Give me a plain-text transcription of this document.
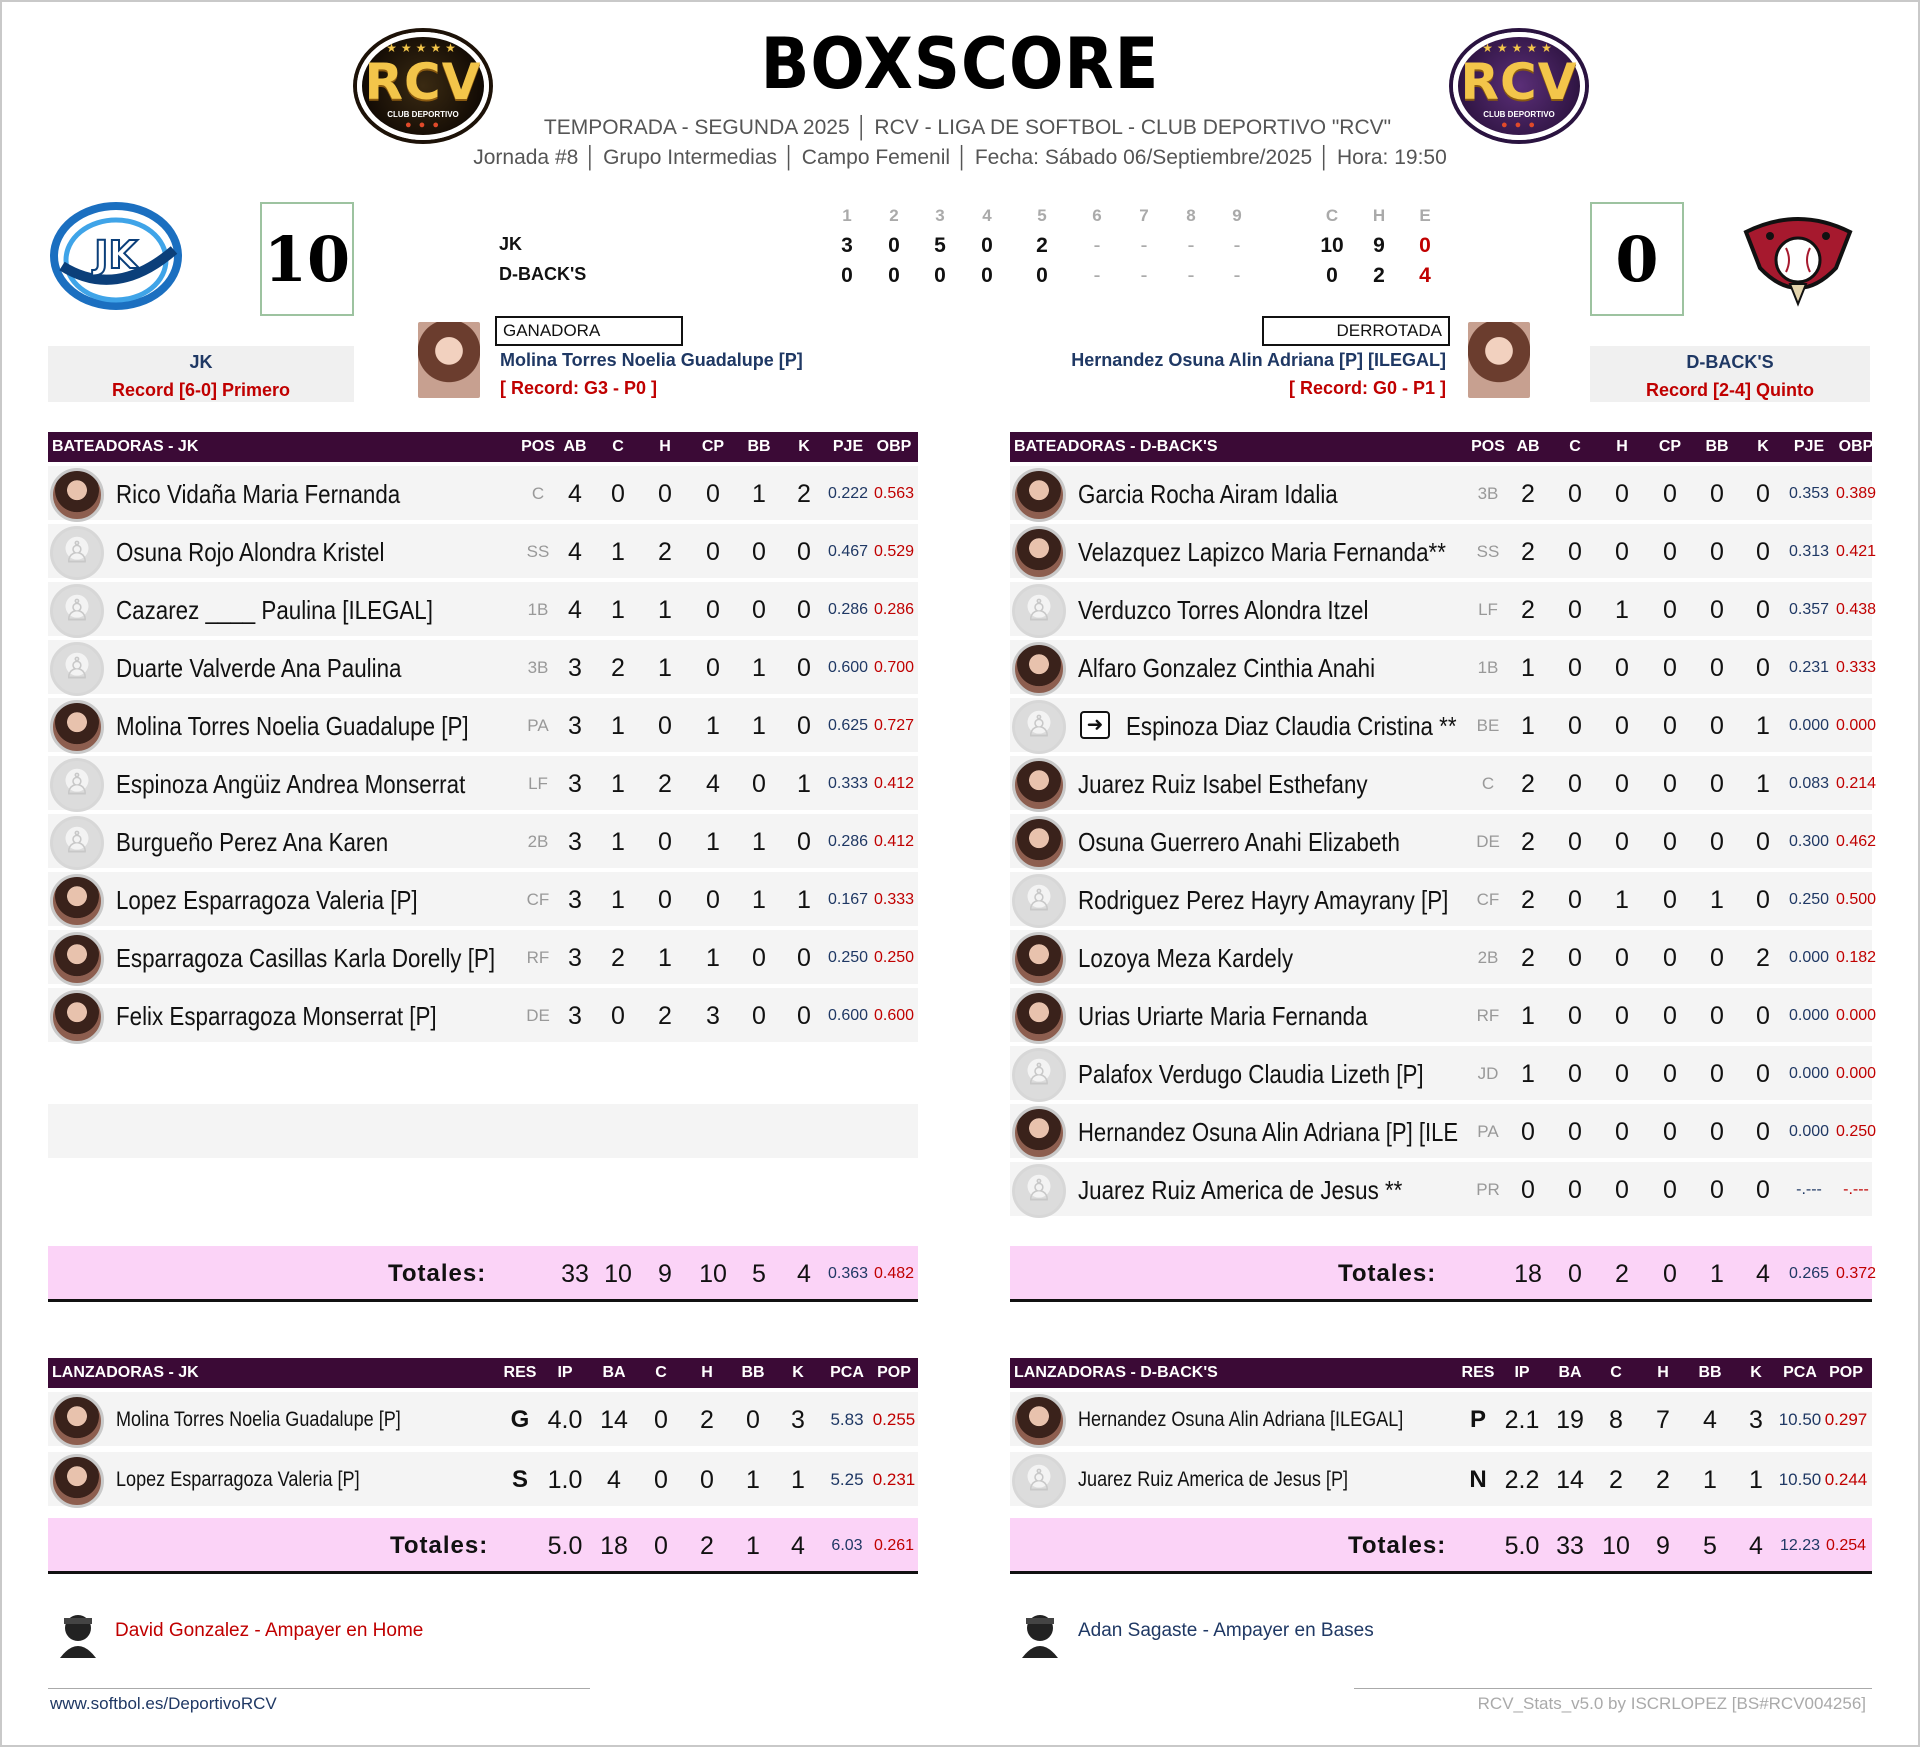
★★★★★
RCV
CLUB DEPORTIVO
● ● ●
★★★★★
RCV
CLUB DEPORTIVO
● ● ●
BOXSCORE
TEMPORADA - SEGUNDA 2025 │ RCV - LIGA DE SOFTBOL - CLUB DEPORTIVO "RCV"
Jornada #8 │ Grupo Intermedias │ Campo Femenil │ Fecha: Sábado 06/Septiembre/2025 │ Hora: 19:50
JK 10	0
1	2	3	4	5	6	7	8	9	C	H	E
JK	3	0	5	0	2	-	-	-	-	10	9	0
D-BACK'S	0	0	0	0	0	-	-	-	-	0	2	4
JK
Record [6-0] Primero
D-BACK'S
Record [2-4] Quinto
GANADORA
Molina Torres Noelia Guadalupe [P]
[ Record: G3 - P0 ]
DERROTADA
Hernandez Osuna Alin Adriana [P] [ILEGAL]
[ Record: G0 - P1 ]
BATEADORAS - JK	POS AB	C	H	CP	BB	K	PJE OBP
Rico Vidaña Maria Fernanda	C 4	0	0	0	1	2	0.222 0.563
♙ Osuna Rojo Alondra Kristel	SS 4	1	2	0	0	0	0.467 0.529
♙ Cazarez ____ Paulina [ILEGAL]	1B 4	1	1	0	0	0	0.286 0.286
♙ Duarte Valverde Ana Paulina	3B 3	2	1	0	1	0	0.600 0.700
Molina Torres Noelia Guadalupe [P]	PA 3	1	0	1	1	0	0.625 0.727
♙ Espinoza Angüiz Andrea Monserrat	LF 3	1	2	4	0	1	0.333 0.412
♙ Burgueño Perez Ana Karen	2B 3	1	0	1	1	0	0.286 0.412
Lopez Esparragoza Valeria [P]	CF 3	1	0	0	1	1	0.167 0.333
Esparragoza Casillas Karla Dorelly [P]	RF 3	2	1	1	0	0	0.250 0.250
Felix Esparragoza Monserrat [P]	DE 3	0	2	3	0	0	0.600 0.600
Totales:	33 10	9	10	5	4	0.363 0.482
BATEADORAS - D-BACK'S	POS AB	C	H	CP	BB	K	PJE OBP
Garcia Rocha Airam Idalia	3B 2	0	0	0	0	0	0.353 0.389
Velazquez Lapizco Maria Fernanda**	SS 2	0	0	0	0	0	0.313 0.421
♙ Verduzco Torres Alondra Itzel	LF 2	0	1	0	0	0	0.357 0.438
Alfaro Gonzalez Cinthia Anahi	1B 1	0	0	0	0	0	0.231 0.333
♙	➜ Espinoza Diaz Claudia Cristina **	BE 1	0	0	0	0	1	0.000 0.000
Juarez Ruiz Isabel Esthefany	C	2	0	0	0	0	1	0.083 0.214
Osuna Guerrero Anahi Elizabeth	DE 2	0	0	0	0	0	0.300 0.462
♙ Rodriguez Perez Hayry Amayrany [P]	CF 2	0	1	0	1	0	0.250 0.500
Lozoya Meza Kardely	2B 2	0	0	0	0	2	0.000 0.182
Urias Uriarte Maria Fernanda	RF 1	0	0	0	0	0	0.000 0.000
♙ Palafox Verdugo Claudia Lizeth [P]	JD 1	0	0	0	0	0	0.000 0.000
Hernandez Osuna Alin Adriana [P] [ILE	PA 0	0	0	0	0	0	0.000 0.250
♙ Juarez Ruiz America de Jesus **	PR 0	0	0	0	0	0	-.---	-.---
Totales:	18	0	2	0	1	4	0.265 0.372
LANZADORAS - JK	RES	IP	BA	C	H	BB	K	PCA POP
Molina Torres Noelia Guadalupe [P]	G 4.0 14	0	2	0	3	5.83 0.255
Lopez Esparragoza Valeria [P]	S 1.0 4	0	0	1	1	5.25 0.231
Totales:	5.0 18	0	2	1	4	6.03 0.261
LANZADORAS - D-BACK'S	RES	IP	BA	C	H	BB	K	PCA POP
Hernandez Osuna Alin Adriana [ILEGAL]	P 2.1 19	8	7	4	3 10.50 0.297
♙ Juarez Ruiz America de Jesus [P]	N 2.2 14	2	2	1	1 10.50 0.244
Totales:	5.0 33 10	9	5	4	12.23 0.254
David Gonzalez - Ampayer en Home	Adan Sagaste - Ampayer en Bases
www.softbol.es/DeportivoRCV	RCV_Stats_v5.0 by ISCRLOPEZ [BS#RCV004256]
